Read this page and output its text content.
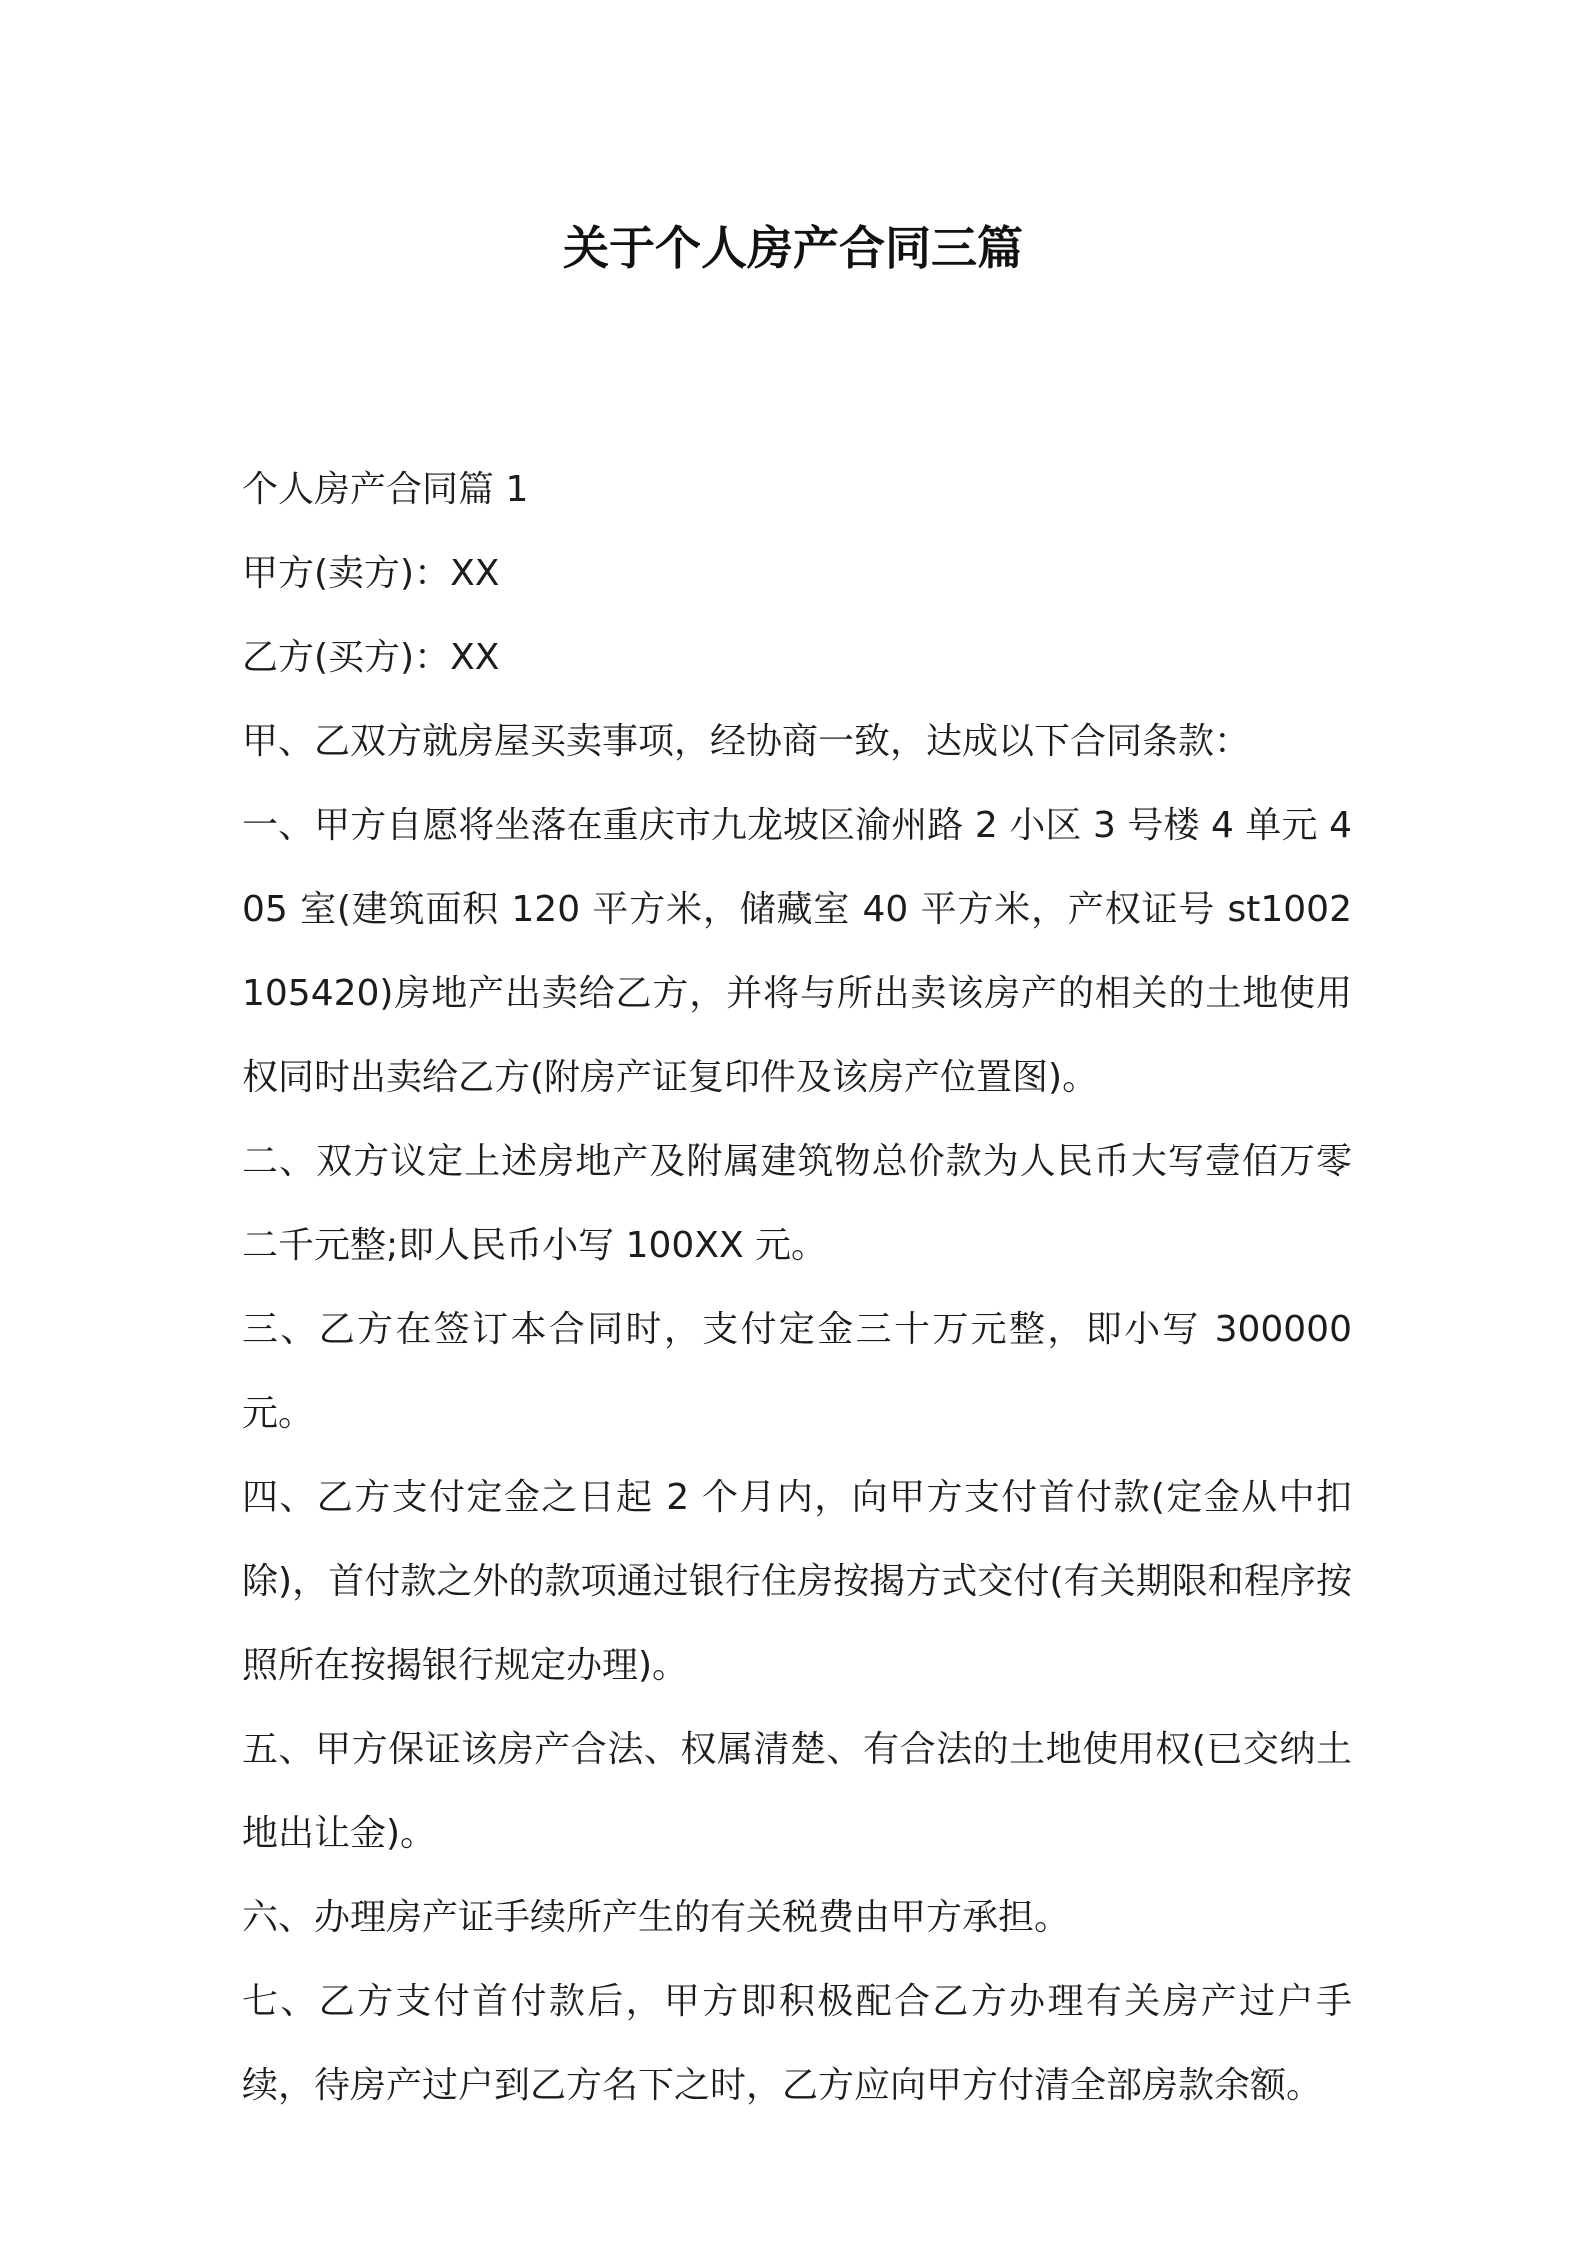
关于个人房产合同三篇

个人房产合同篇 1

甲方(卖方)：XX

乙方(买方)：XX

甲、乙双方就房屋买卖事项，经协商一致，达成以下合同条款：

一、甲方自愿将坐落在重庆市九龙坡区渝州路 2 小区 3 号楼 4 单元 405 室(建筑面积 120 平方米，储藏室 40 平方米，产权证号 st1002105420)房地产出卖给乙方，并将与所出卖该房产的相关的土地使用权同时出卖给乙方(附房产证复印件及该房产位置图)。

二、双方议定上述房地产及附属建筑物总价款为人民币大写壹佰万零二千元整;即人民币小写 100XX 元。

三、乙方在签订本合同时，支付定金三十万元整，即小写 300000 元。

四、乙方支付定金之日起 2 个月内，向甲方支付首付款(定金从中扣除)，首付款之外的款项通过银行住房按揭方式交付(有关期限和程序按照所在按揭银行规定办理)。

五、甲方保证该房产合法、权属清楚、有合法的土地使用权(已交纳土地出让金)。

六、办理房产证手续所产生的有关税费由甲方承担。

七、乙方支付首付款后，甲方即积极配合乙方办理有关房产过户手续，待房产过户到乙方名下之时，乙方应向甲方付清全部房款余额。
